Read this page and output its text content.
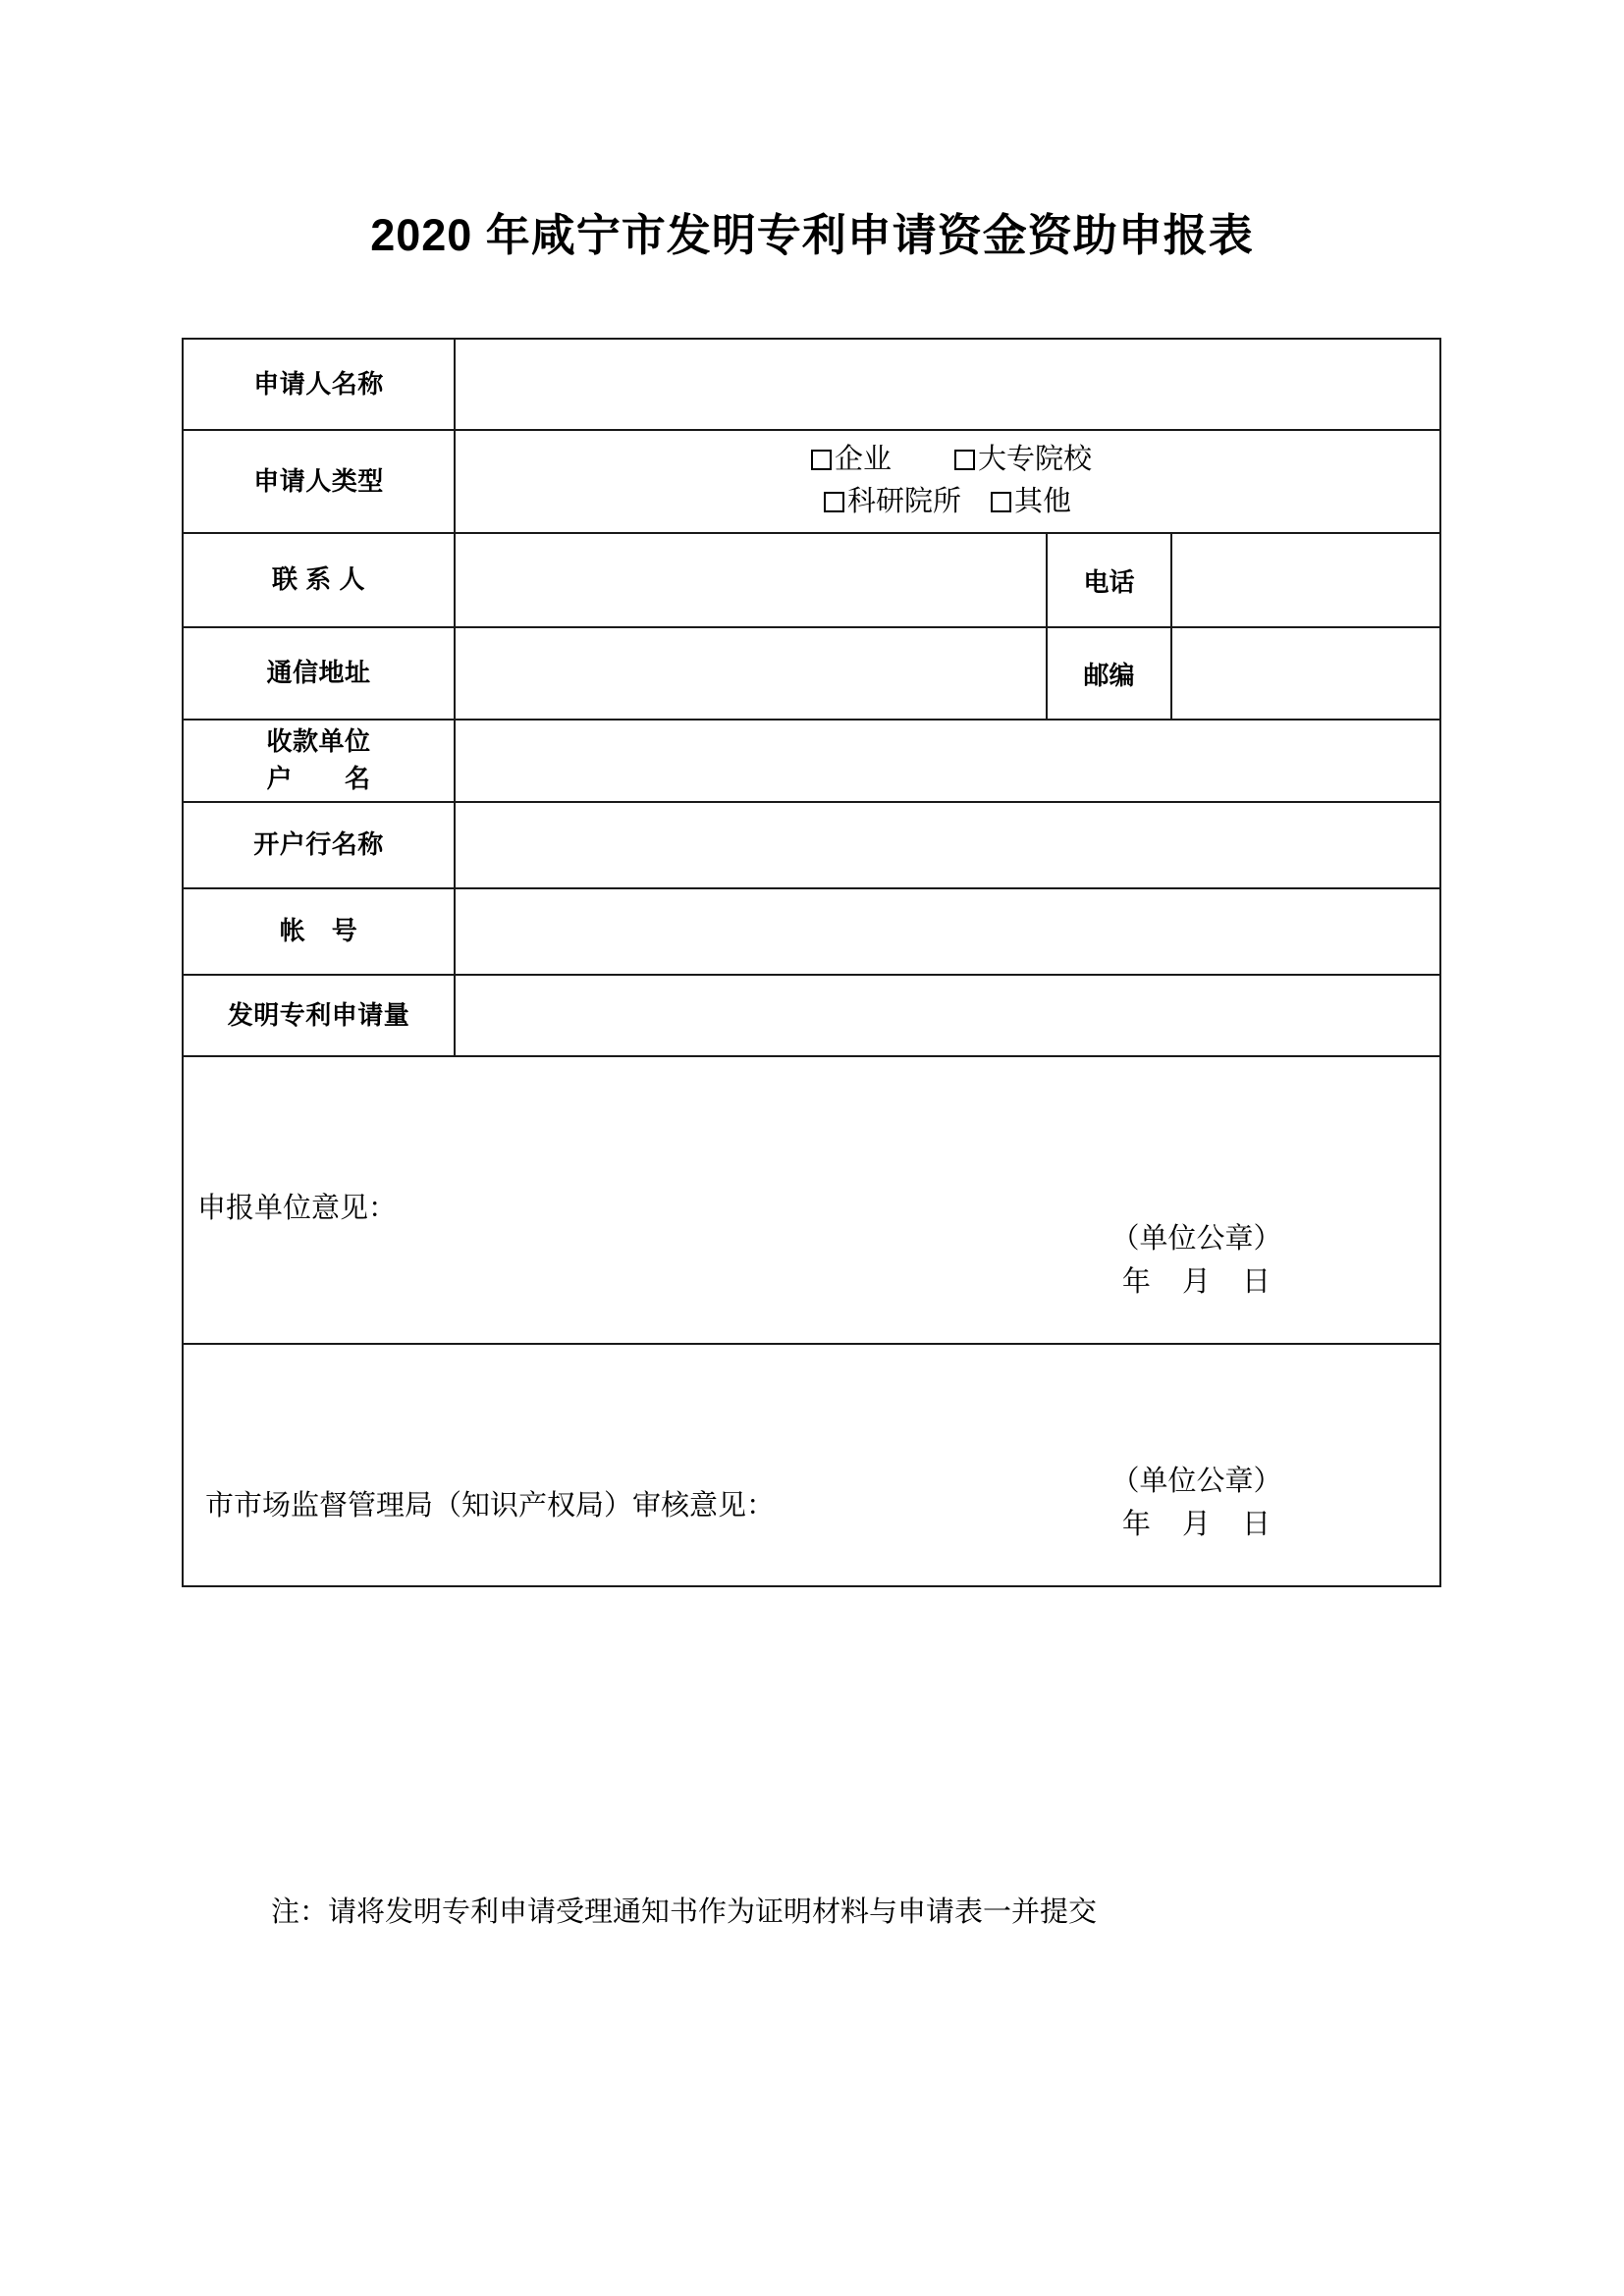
2020 年咸宁市发明专利申请资金资助申报表
申请人名称			
申请人类型	企业 大专院校
科研院所 其他		

联 系 人		电话	
通信地址		邮编	

收款单位
户　　名			

开户行名称			
帐　号			
发明专利申请量			

申报单位意见：
（单位公章）
年 月 日			

市市场监督管理局（知识产权局）审核意见：
（单位公章）
年 月 日			
注：请将发明专利申请受理通知书作为证明材料与申请表一并提交
